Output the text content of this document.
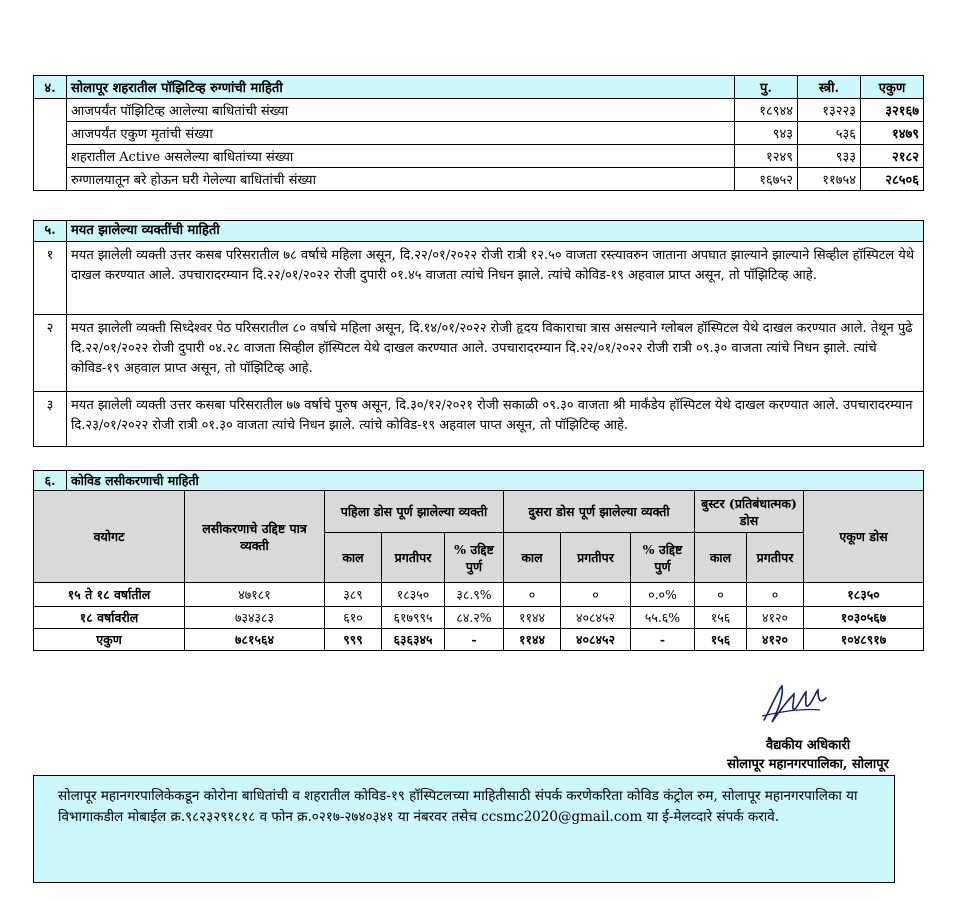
४.	सोलापूर शहरातील पॉझिटिव्ह रुग्णांची माहिती	पु.	स्त्री.	एकुण
	आजपर्यंत पॉझिटिव्ह आलेल्या बाधितांची संख्या	१८९४४	१३२२३	३२१६७
	आजपर्यंत एकुण मृतांची संख्या	९४३	५३६	१४७९
	शहरातील Active असलेल्या बाधितांच्या संख्या	१२४९	९३३	२१८२
	रुग्णालयातून बरे होऊन घरी गेलेल्या बाधितांची संख्या	१६७५२	११७५४	२८५०६
५.	मयत झालेल्या व्यक्तींची माहिती
१	मयत झालेली व्यक्ती उत्तर कसब परिसरातील ७८ वर्षाचे महिला असून, दि.२२/०१/२०२२ रोजी रात्री १२.५० वाजता रस्त्यावरुन जाताना अपघात झाल्याने झाल्याने सिव्हील हॉस्पिटल येथे दाखल करण्यात आले. उपचारादरम्यान दि.२२/०१/२०२२ रोजी दुपारी ०१.४५ वाजता त्यांचे निधन झाले. त्यांचे कोविड-१९ अहवाल प्राप्त असून, तो पॉझिटिव्ह आहे.
२	मयत झालेली व्यक्ती सिध्देश्वर पेठ परिसरातील ८० वर्षाचे महिला असून, दि.१४/०१/२०२२ रोजी हृदय विकाराचा त्रास असल्याने ग्लोबल हॉस्पिटल येथे दाखल करण्यात आले. तेथून पुढे दि.२२/०१/२०२२ रोजी दुपारी ०४.२८ वाजता सिव्हील हॉस्पिटल येथे दाखल करण्यात आले. उपचारादरम्यान दि.२२/०१/२०२२ रोजी रात्री ०९.३० वाजता त्यांचे निधन झाले. त्यांचे कोविड-१९ अहवाल प्राप्त असून, तो पॉझिटिव्ह आहे.
३	मयत झालेली व्यक्ती उत्तर कसबा परिसरातील ७७ वर्षाचे पुरुष असून, दि.३०/१२/२०२१ रोजी सकाळी ०९.३० वाजता श्री मार्कंडेय हॉस्पिटल येथे दाखल करण्यात आले. उपचारादरम्यान दि.२३/०१/२०२२ रोजी रात्री ०१.३० वाजता त्यांचे निधन झाले. त्यांचे कोविड-१९ अहवाल पाप्त असून, तो पॉझिटिव्ह आहे.
६.	कोविड लसीकरणाची माहिती										
वयोगट		लसीकरणाचे उद्दिष्ट पात्र व्यक्ती	पहिला डोस पूर्ण झालेल्या व्यक्ती			दुसरा डोस पूर्ण झालेल्या व्यक्ती			बुस्टर (प्रतिबंधात्मक) डोस		एकूण डोस
			काल	प्रगतीपर	% उद्दिष्ट पुर्ण	काल	प्रगतीपर	% उद्दिष्ट पुर्ण	काल	प्रगतीपर	
१५ ते १८ वर्षातील		४७१८१	३८९	१८३५०	३८.९%	०	०	०.०%	०	०	१८३५०
१८ वर्षावरील		७३४३८३	६१०	६१७९९५	८४.२%	११४४	४०८४५२	५५.६%	१५६	४१२०	१०३०५६७
एकुण		७८१५६४	९९९	६३६३४५	-	११४४	४०८४५२	-	१५६	४१२०	१०४८९१७
वैद्यकीय अधिकारी
सोलापूर महानगरपालिका, सोलापूर
सोलापूर महानगरपालिकेकडून कोरोना बाधितांची व शहरातील कोविड-१९ हॉस्पिटलच्या माहितीसाठी संपर्क करणेकरिता कोविड कंट्रोल रुम, सोलापूर महानगरपालिका या विभागाकडील मोबाईल क्र.९८२३२९१८१८ व फोन क्र.०२१७-२७४०३४१ या नंबरवर तसेच ccsmc2020@gmail.com या ई-मेलव्दारे संपर्क करावे.
